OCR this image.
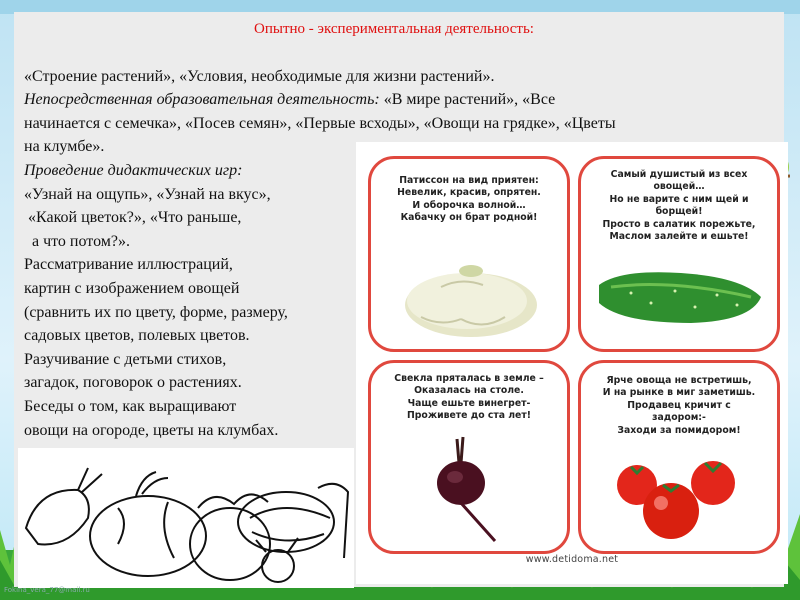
Опытно - экспериментальная деятельность:
«Строение растений», «Условия, необходимые для жизни растений».
Непосредственная образовательная деятельность: «В мире растений», «Все
начинается с семечка», «Посев семян», «Первые всходы», «Овощи на грядке», «Цветы
на клумбе».
Проведение дидактических игр:
«Узнай на ощупь», «Узнай на вкус»,
«Какой цветок?», «Что раньше,
а что потом?».
Рассматривание иллюстраций,
картин с изображением овощей
(сравнить их по цвету, форме, размеру,
садовых цветов, полевых цветов.
Разучивание с детьми стихов,
загадок, поговорок о растениях.
Беседы о том, как выращивают
овощи на огороде, цветы на клумбах.
Патиссон на вид приятен:
Невелик, красив, опрятен.
И оборочка волной…
Кабачку он брат родной!
Самый душистый из всех
овощей…
Но не варите с ним щей и
борщей!
Просто в салатик порежьте,
Маслом залейте и ешьте!
Свекла пряталась в земле –
Оказалась на столе.
Чаще ешьте винегрет-
Проживете до ста лет!
Ярче овоща не встретишь,
И на рынке в миг заметишь.
Продавец кричит с
задором:-
Заходи за помидором!
www.detidoma.net
Fokina_vera_77@mail.ru
